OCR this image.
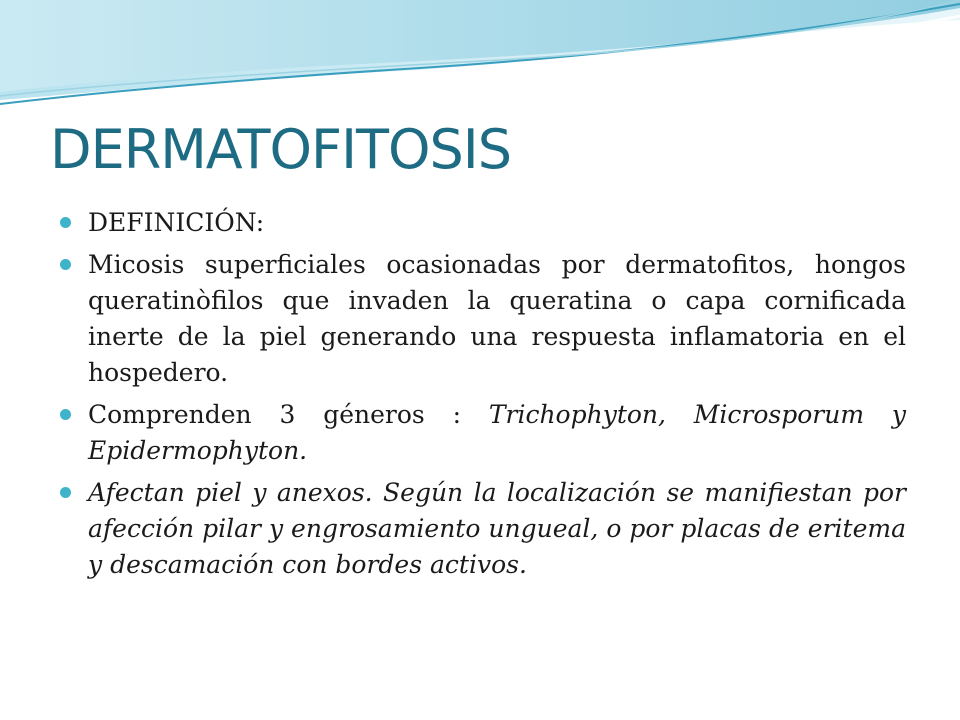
DERMATOFITOSIS
DEFINICIÓN:
Micosis superficiales ocasionadas por dermatofitos, hongos queratinòfilos que invaden la queratina o capa cornificada inerte de la piel generando una respuesta inflamatoria en el hospedero.
Comprenden 3 géneros : Trichophyton, Microsporum y Epidermophyton.
Afectan piel y anexos. Según la localización se manifiestan por afección pilar y engrosamiento ungueal, o por placas de eritema y descamación con bordes activos.
